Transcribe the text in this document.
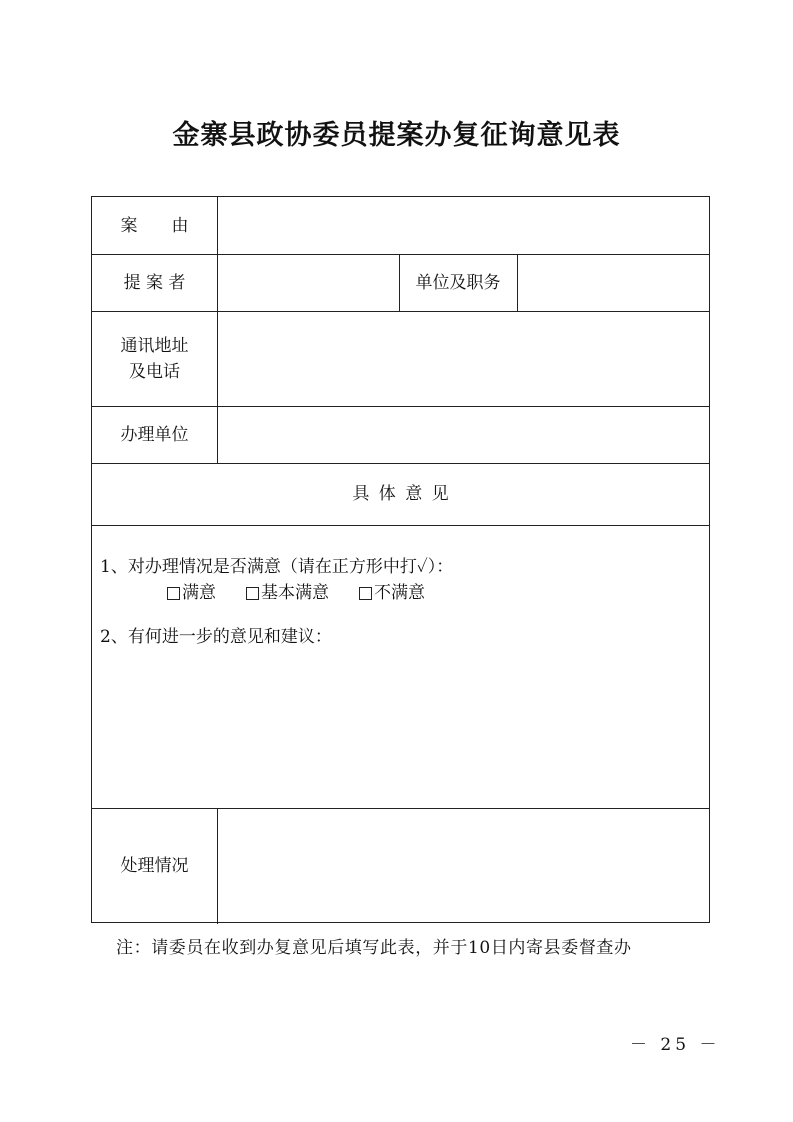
金寨县政协委员提案办复征询意见表
案　　由
提 案 者	单位及职务
通讯地址
及电话
办理单位
具 体 意 见
1、对办理情况是否满意（请在正方形中打✓）：
满意	基本满意	不满意
2、有何进一步的意见和建议：
处理情况
注：请委员在收到办复意见后填写此表，并于10日内寄县委督查办
－ 25 －
